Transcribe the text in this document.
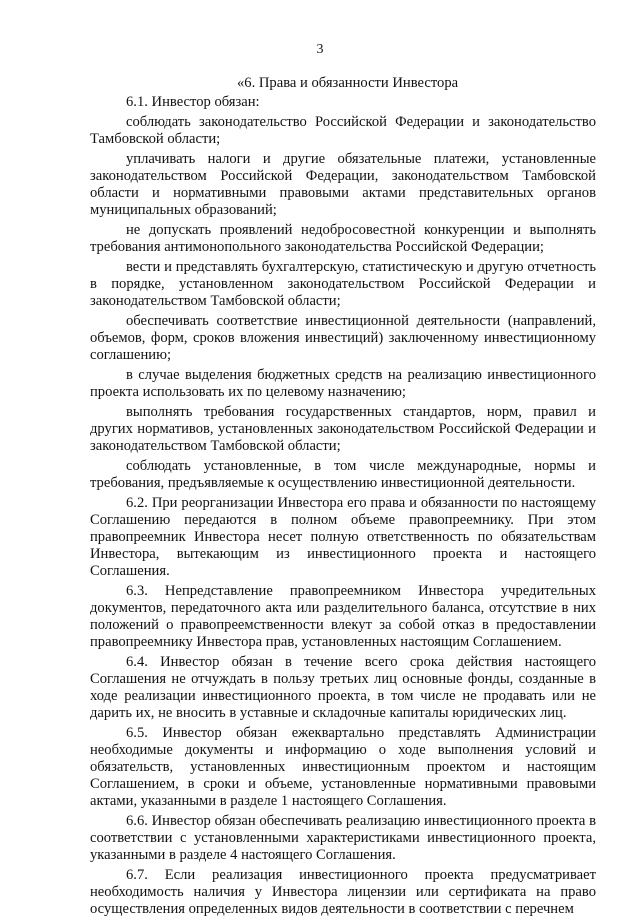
3
«6. Права и обязанности Инвестора

6.1. Инвестор обязан:

соблюдать законодательство Российской Федерации и законодательство Тамбовской области;

уплачивать налоги и другие обязательные платежи, установленные законодательством Российской Федерации, законодательством Тамбовской области и нормативными правовыми актами представительных органов муниципальных образований;

не допускать проявлений недобросовестной конкуренции и выполнять требования антимонопольного законодательства Российской Федерации;

вести и представлять бухгалтерскую, статистическую и другую отчетность в порядке, установленном законодательством Российской Федерации и законодательством Тамбовской области;

обеспечивать соответствие инвестиционной деятельности (направлений, объемов, форм, сроков вложения инвестиций) заключенному инвестиционному соглашению;

в случае выделения бюджетных средств на реализацию инвестиционного проекта использовать их по целевому назначению;

выполнять требования государственных стандартов, норм, правил и других нормативов, установленных законодательством Российской Федерации и законодательством Тамбовской области;

соблюдать установленные, в том числе международные, нормы и требования, предъявляемые к осуществлению инвестиционной деятельности.

6.2. При реорганизации Инвестора его права и обязанности по настоящему Соглашению передаются в полном объеме правопреемнику. При этом правопреемник Инвестора несет полную ответственность по обязательствам Инвестора, вытекающим из инвестиционного проекта и настоящего Соглашения.

6.3. Непредставление правопреемником Инвестора учредительных документов, передаточного акта или разделительного баланса, отсутствие в них положений о правопреемственности влекут за собой отказ в предоставлении правопреемнику Инвестора прав, установленных настоящим Соглашением.

6.4. Инвестор обязан в течение всего срока действия настоящего Соглашения не отчуждать в пользу третьих лиц основные фонды, созданные в ходе реализации инвестиционного проекта, в том числе не продавать или не дарить их, не вносить в уставные и складочные капиталы юридических лиц.

6.5. Инвестор обязан ежеквартально представлять Администрации необходимые документы и информацию о ходе выполнения условий и обязательств, установленных инвестиционным проектом и настоящим Соглашением, в сроки и объеме, установленные нормативными правовыми актами, указанными в разделе 1 настоящего Соглашения.

6.6. Инвестор обязан обеспечивать реализацию инвестиционного проекта в соответствии с установленными характеристиками инвестиционного проекта, указанными в разделе 4 настоящего Соглашения.

6.7. Если реализация инвестиционного проекта предусматривает необходимость наличия у Инвестора лицензии или сертификата на право осуществления определенных видов деятельности в соответствии с перечнем
